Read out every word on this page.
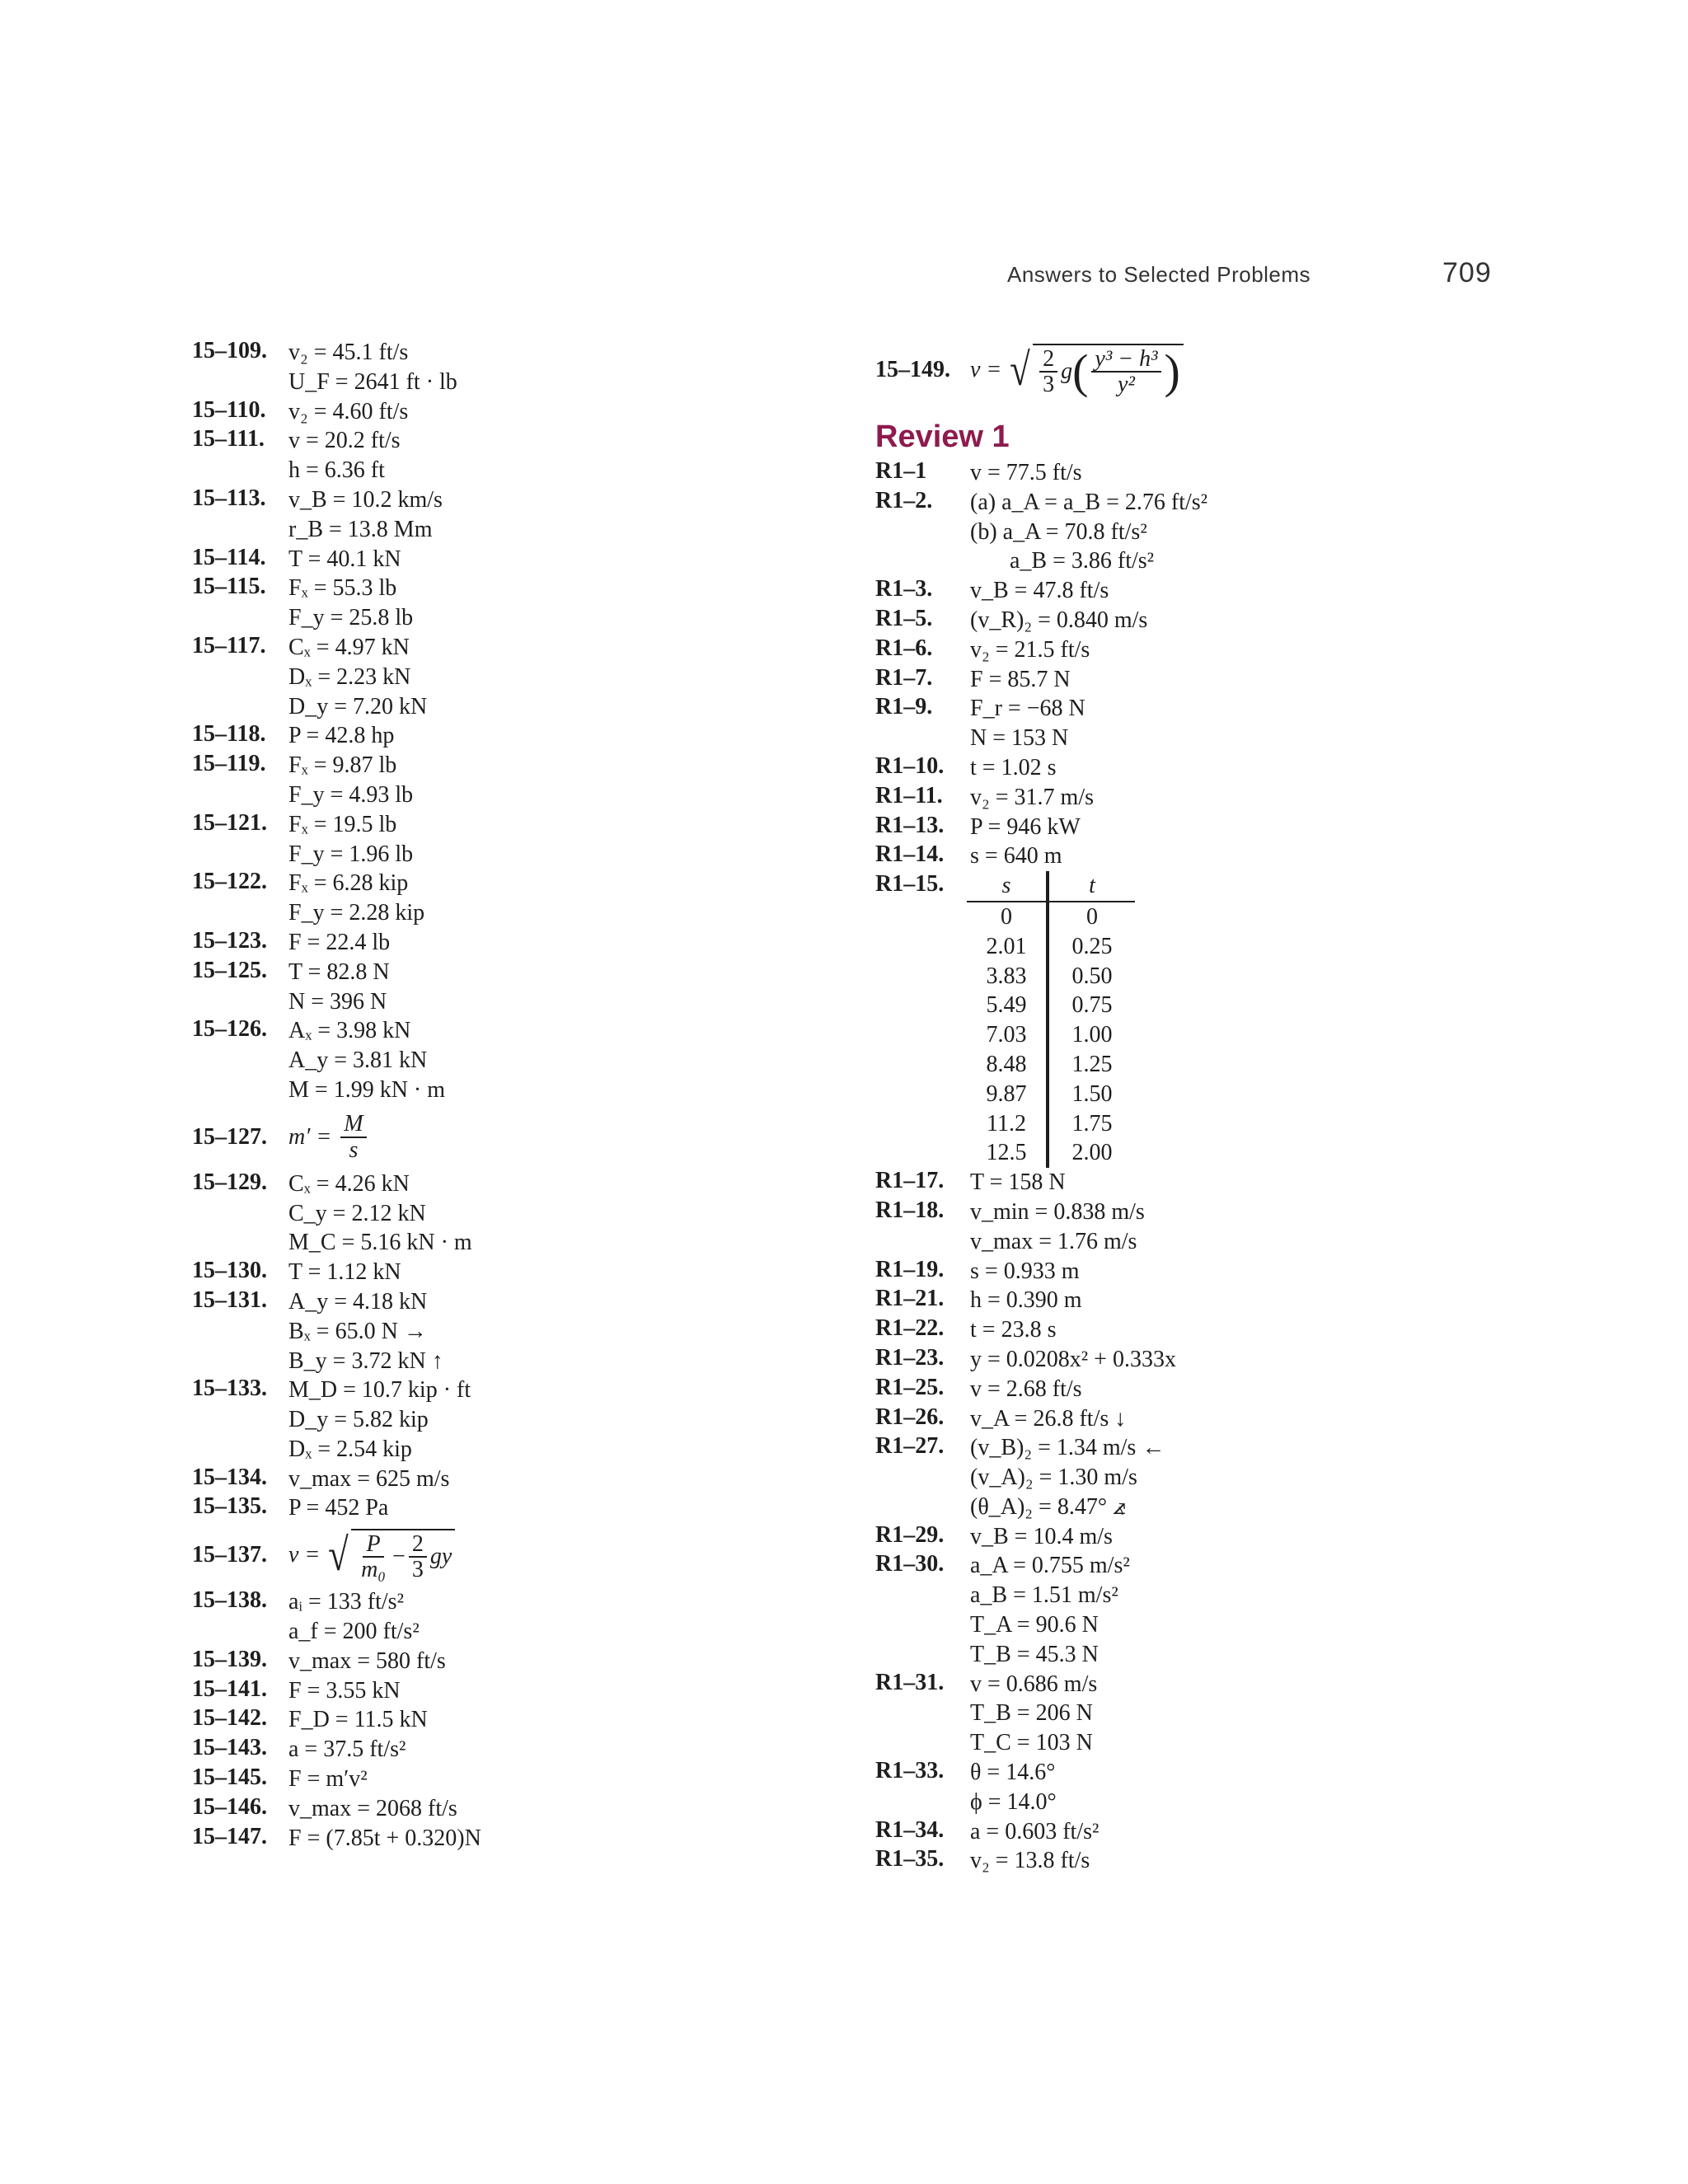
Answers to Selected Problems	709
15–109. v₂ = 45.1 ft/s
U_F = 2641 ft · lb
15–110. v₂ = 4.60 ft/s
15–111.	v = 20.2 ft/s
h = 6.36 ft
15–113. v_B = 10.2 km/s
r_B = 13.8 Mm
15–114. T = 40.1 kN
15–115. Fₓ = 55.3 lb
F_y = 25.8 lb
15–117. Cₓ = 4.97 kN
Dₓ = 2.23 kN
D_y = 7.20 kN
15–118. P = 42.8 hp
15–119. Fₓ = 9.87 lb
F_y = 4.93 lb
15–121. Fₓ = 19.5 lb
F_y = 1.96 lb
15–122. Fₓ = 6.28 kip
F_y = 2.28 kip
15–123. F = 22.4 lb
15–125. T = 82.8 N
N = 396 N
15–126. Aₓ = 3.98 kN
A_y = 3.81 kN
M = 1.99 kN · m
15–127. m′ =
$\frac{M}{s}$
15–129. Cₓ = 4.26 kN
C_y = 2.12 kN
M_C = 5.16 kN · m
15–130. T = 1.12 kN
15–131. A_y = 4.18 kN
Bₓ = 65.0 N →
B_y = 3.72 kN ↑
15–133. M_D = 10.7 kip · ft
D_y = 5.82 kip
Dₓ = 2.54 kip
15–134. v_max = 625 m/s
15–135. P = 452 Pa
15–137. v =
√ $\frac{P}{\text{m₀}} - \frac{2}{3}$ gy
15–138. aᵢ = 133 ft/s²
a_f = 200 ft/s²
15–139. v_max = 580 ft/s
15–141. F = 3.55 kN
15–142. F_D = 11.5 kN
15–143. a = 37.5 ft/s²
15–145. F = m′v²
15–146. v_max = 2068 ft/s
15–147. F = (7.85t + 0.320)N
15–149. v =
√ $\frac{2}{3}$ g ( $\frac{\text{y³ − h³}}{\text{y²}}$ )
Review 1
R1–1	v = 77.5 ft/s
R1–2.	(a) a_A = a_B = 2.76 ft/s²
(b) a_A = 70.8 ft/s²
a_B = 3.86 ft/s²
R1–3.	v_B = 47.8 ft/s
R1–5.	(v_R)₂ = 0.840 m/s
R1–6.	v₂ = 21.5 ft/s
R1–7.	F = 85.7 N
R1–9.	F_r = −68 N
N = 153 N
R1–10.	t = 1.02 s
R1–11.	v₂ = 31.7 m/s
R1–13.	P = 946 kW
R1–14.	s = 640 m
R1–15.	s	t
0	0
2.01	0.25
3.83	0.50
5.49	0.75
7.03	1.00
8.48	1.25
9.87	1.50
11.2	1.75
12.5	2.00
R1–17.	T = 158 N
R1–18.	v_min = 0.838 m/s
v_max = 1.76 m/s
R1–19.	s = 0.933 m
R1–21.	h = 0.390 m
R1–22.	t = 23.8 s
R1–23.	y = 0.0208x² + 0.333x
R1–25.	v = 2.68 ft/s
R1–26.	v_A = 26.8 ft/s ↓
R1–27.	(v_B)₂ = 1.34 m/s ←
(v_A)₂ = 1.30 m/s
(θ_A)₂ = 8.47° ⦨
R1–29.	v_B = 10.4 m/s
R1–30.	a_A = 0.755 m/s²
a_B = 1.51 m/s²
T_A = 90.6 N
T_B = 45.3 N
R1–31.	v = 0.686 m/s
T_B = 206 N
T_C = 103 N
R1–33.	θ = 14.6°
ϕ = 14.0°
R1–34.	a = 0.603 ft/s²
R1–35.	v₂ = 13.8 ft/s
